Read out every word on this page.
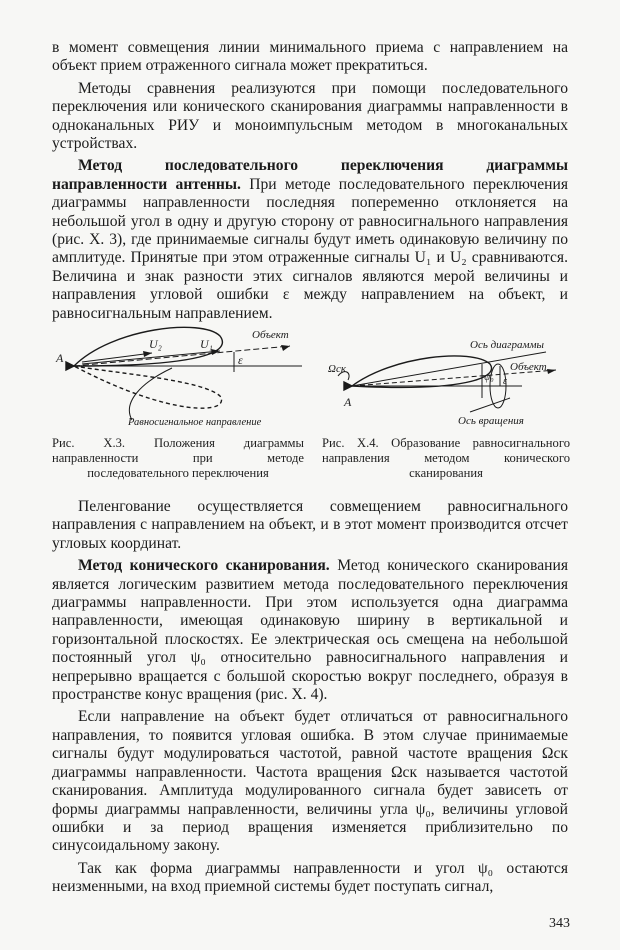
в момент совмещения линии минимального приема с направлением на объект прием отраженного сигнала может прекратиться.

Методы сравнения реализуются при помощи последовательного переключения или конического сканирования диаграммы направленности в одноканальных РИУ и моноимпульсным методом в многоканальных устройствах.

Метод последовательного переключения диаграммы направленности антенны. При методе последовательного переключения диаграммы направленности последняя попеременно отклоняется на небольшой угол в одну и другую сторону от равносигнального направления (рис. X. 3), где принимаемые сигналы будут иметь одинаковую величину по амплитуде. Принятые при этом отраженные сигналы U₁ и U₂ сравниваются. Величина и знак разности этих сигналов являются мерой величины и направления угловой ошибки ε между направлением на объект, и равносигнальным направлением.

A
U₂	U₁
ε
Объект
Равносигнальное направление
Ось диаграммы
Объект
Ось вращения
Ωск
A
ψ₀ ε
Рис. X.3. Положения диаграммы направленности при методе последовательного переключения
Рис. X.4. Образование равносигнального направления методом конического сканирования

Пеленгование осуществляется совмещением равносигнального направления с направлением на объект, и в этот момент производится отсчет угловых координат.

Метод конического сканирования. Метод конического сканирования является логическим развитием метода последовательного переключения диаграммы направленности. При этом используется одна диаграмма направленности, имеющая одинаковую ширину в вертикальной и горизонтальной плоскостях. Ее электрическая ось смещена на небольшой постоянный угол ψ₀ относительно равносигнального направления и непрерывно вращается с большой скоростью вокруг последнего, образуя в пространстве конус вращения (рис. X. 4).

Если направление на объект будет отличаться от равносигнального направления, то появится угловая ошибка. В этом случае принимаемые сигналы будут модулироваться частотой, равной частоте вращения Ωск диаграммы направленности. Частота вращения Ωск называется частотой сканирования. Амплитуда модулированного сигнала будет зависеть от формы диаграммы направленности, величины угла ψ₀, величины угловой ошибки и за период вращения изменяется приблизительно по синусоидальному закону.

Так как форма диаграммы направленности и угол ψ₀ остаются неизменными, на вход приемной системы будет поступать сигнал,

343
